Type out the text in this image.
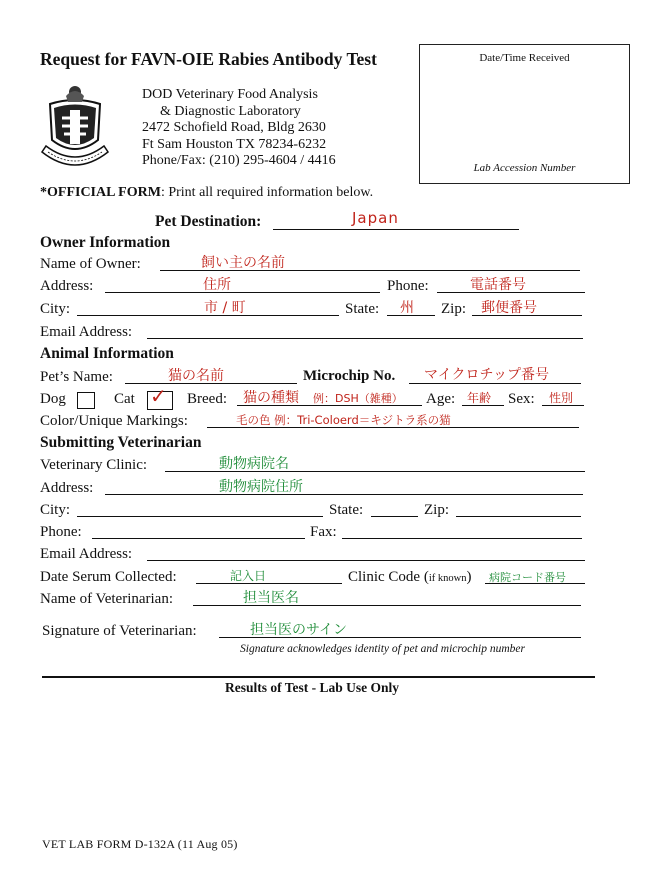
Request for FAVN-OIE Rabies Antibody Test	Date/Time Received
Lab Accession Number
DOD Veterinary Food Analysis
& Diagnostic Laboratory
2472 Schofield Road, Bldg 2630
Ft Sam Houston TX 78234-6232
Phone/Fax: (210) 295-4604 / 4416
*OFFICIAL FORM: Print all required information below.
Pet Destination:	Japan
Owner Information
Name of Owner:	飼い主の名前
Address:	住所	Phone:	電話番号
City:	市 / 町	State: 州 Zip: 郵便番号
Email Address:
Animal Information
Pet’s Name:	猫の名前	Microchip No. マイクロチップ番号
Dog	Cat ✓ Breed: 猫の種類 例：DSH（雑種） Age: 年齢 Sex: 性別
Color/Unique Markings:	毛の色 例：Tri-Coloerd＝キジトラ系の猫
Submitting Veterinarian
Veterinary Clinic:	動物病院名
Address:	動物病院住所
City:	State:	Zip:
Phone:	Fax:
Email Address:
Date Serum Collected:	記入日	Clinic Code (if known) 病院コード番号
Name of Veterinarian:	担当医名
Signature of Veterinarian:	担当医のサイン
Signature acknowledges identity of pet and microchip number
Results of Test - Lab Use Only
VET LAB FORM D-132A (11 Aug 05)
